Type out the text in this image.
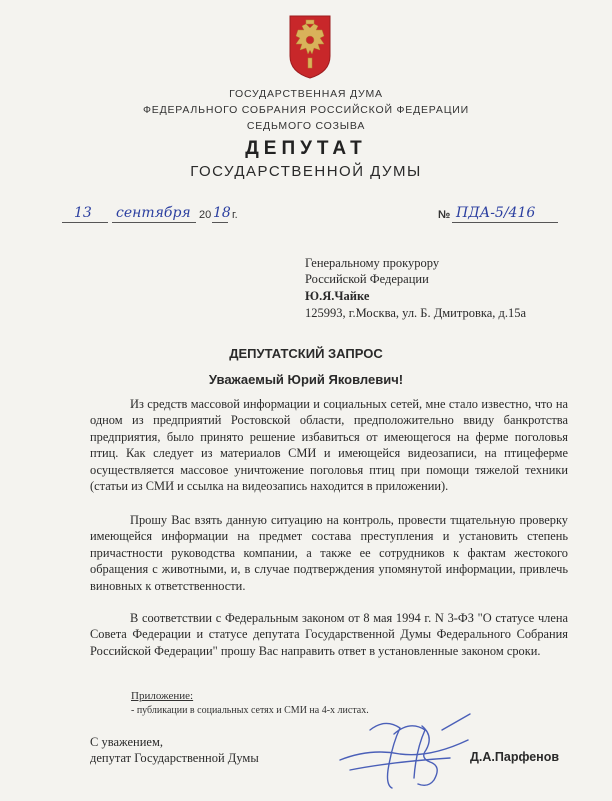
ГОСУДАРСТВЕННАЯ ДУМА
ФЕДЕРАЛЬНОГО СОБРАНИЯ РОССИЙСКОЙ ФЕДЕРАЦИИ
СЕДЬМОГО СОЗЫВА
ДЕПУТАТ
ГОСУДАРСТВЕННОЙ ДУМЫ
13 сентября 20 18 г.	№ ПДА-5/416
Генеральному прокурору
Российской Федерации
Ю.Я.Чайке
125993, г.Москва, ул. Б. Дмитровка, д.15а
ДЕПУТАТСКИЙ ЗАПРОС
Уважаемый Юрий Яковлевич!

Из средств массовой информации и социальных сетей, мне стало известно, что на одном из предприятий Ростовской области, предположительно ввиду банкротства предприятия, было принято решение избавиться от имеющегося на ферме поголовья птиц. Как следует из материалов СМИ и имеющейся видеозаписи, на птицеферме осуществляется массовое уничтожение поголовья птиц при помощи тяжелой техники (статьи из СМИ и ссылка на видеозапись находится в приложении).

Прошу Вас взять данную ситуацию на контроль, провести тщательную проверку имеющейся информации на предмет состава преступления и установить степень причастности руководства компании, а также ее сотрудников к фактам жестокого обращения с животными, и, в случае подтверждения упомянутой информации, привлечь виновных к ответственности.

В соответствии с Федеральным законом от 8 мая 1994 г. N 3-ФЗ "О статусе члена Совета Федерации и статусе депутата Государственной Думы Федерального Собрания Российской Федерации" прошу Вас направить ответ в установленные законом сроки.

Приложение:
- публикации в социальных сетях и СМИ на 4-х листах.
С уважением,
депутат Государственной Думы	Д.А.Парфенов
